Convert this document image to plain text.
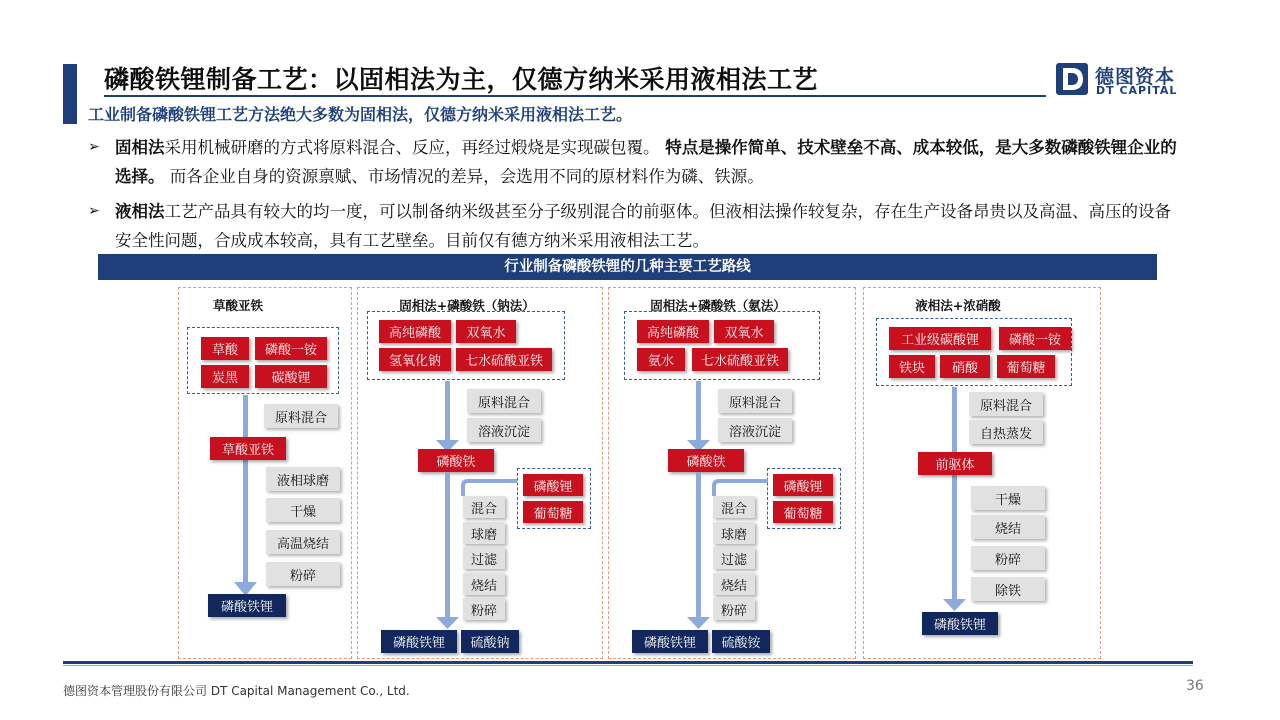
磷酸铁锂制备工艺：以固相法为主，仅德方纳米采用液相法工艺
工业制备磷酸铁锂工艺方法绝大多数为固相法，仅德方纳米采用液相法工艺。
德图资本
DT CAPITAL
➢ 固相法采用机械研磨的方式将原料混合、反应，再经过煅烧是实现碳包覆。 特点是操作简单、技术壁垒不高、成本较低，是大多数磷酸铁锂企业的选择。 而各企业自身的资源禀赋、市场情况的差异，会选用不同的原材料作为磷、铁源。
➢ 液相法工艺产品具有较大的均一度，可以制备纳米级甚至分子级别混合的前驱体。但液相法操作较复杂，存在生产设备昂贵以及高温、高压的设备安全性问题，合成成本较高，具有工艺壁垒。目前仅有德方纳米采用液相法工艺。
行业制备磷酸铁锂的几种主要工艺路线
草酸亚铁
草酸	磷酸一铵
炭黑	碳酸锂
原料混合
草酸亚铁
液相球磨
干燥
高温烧结
粉碎
磷酸铁锂
固相法+磷酸铁（钠法）
高纯磷酸	双氧水
氢氧化钠	七水硫酸亚铁
原料混合
溶液沉淀
磷酸铁
磷酸锂
葡萄糖
混合
球磨
过滤
烧结
粉碎
磷酸铁锂	硫酸钠
固相法+磷酸铁（氨法）
高纯磷酸	双氧水
氨水	七水硫酸亚铁
原料混合
溶液沉淀
磷酸铁
磷酸锂
葡萄糖
混合
球磨
过滤
烧结
粉碎
磷酸铁锂	硫酸铵
液相法+浓硝酸
工业级碳酸锂	磷酸一铵
铁块	硝酸	葡萄糖
原料混合
自热蒸发
前驱体
干燥
烧结
粉碎
除铁
磷酸铁锂
德图资本管理股份有限公司 DT Capital Management Co., Ltd.	36
